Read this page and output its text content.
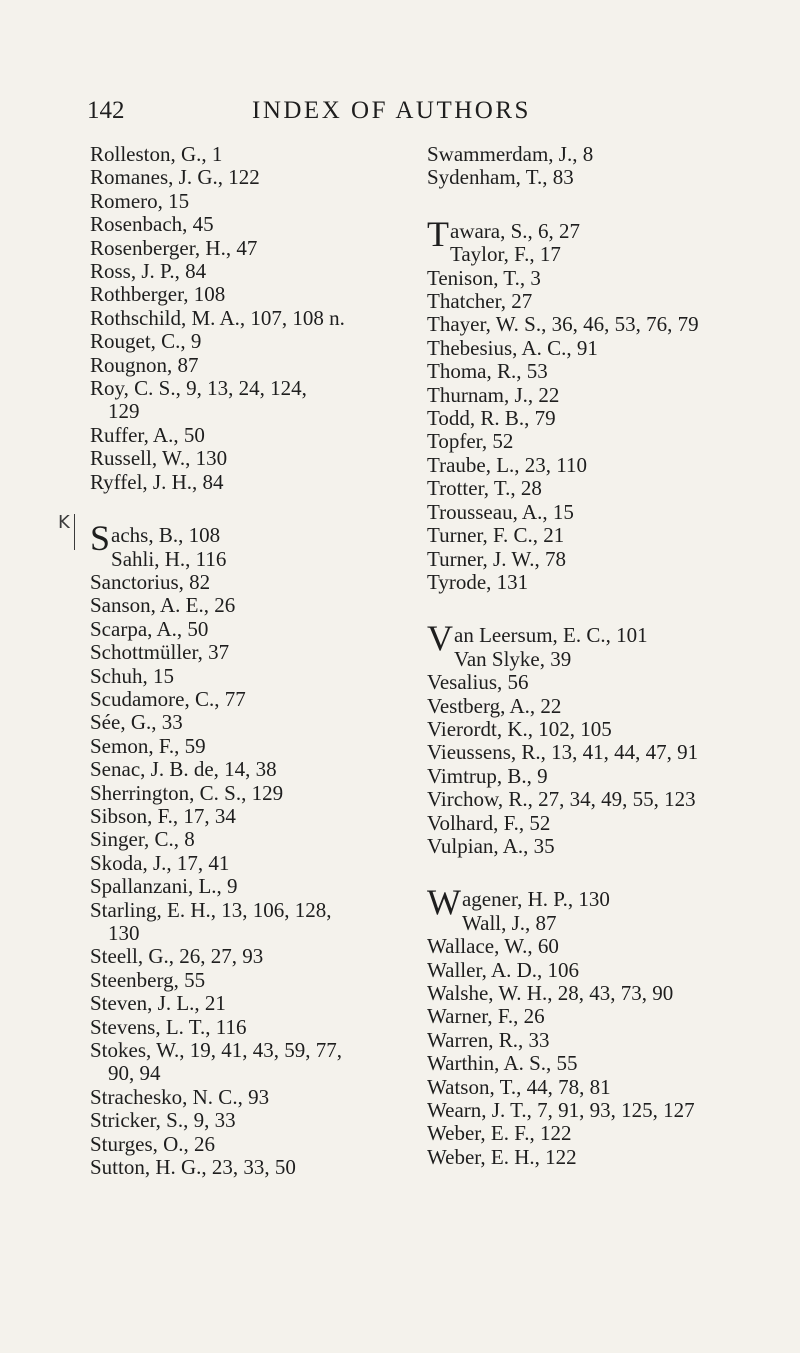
142	INDEX OF AUTHORS
K

Rolleston, G., 1

Romanes, J. G., 122

Romero, 15

Rosenbach, 45

Rosenberger, H., 47

Ross, J. P., 84

Rothberger, 108

Rothschild, M. A., 107, 108 n.

Rouget, C., 9

Rougnon, 87

Roy, C. S., 9, 13, 24, 124,
129

Ruffer, A., 50

Russell, W., 130

Ryffel, J. H., 84

Sachs, B., 108

Sahli, H., 116

Sanctorius, 82

Sanson, A. E., 26

Scarpa, A., 50

Schottmüller, 37

Schuh, 15

Scudamore, C., 77

Sée, G., 33

Semon, F., 59

Senac, J. B. de, 14, 38

Sherrington, C. S., 129

Sibson, F., 17, 34

Singer, C., 8

Skoda, J., 17, 41

Spallanzani, L., 9

Starling, E. H., 13, 106, 128,
130

Steell, G., 26, 27, 93

Steenberg, 55

Steven, J. L., 21

Stevens, L. T., 116

Stokes, W., 19, 41, 43, 59, 77,
90, 94

Strachesko, N. C., 93

Stricker, S., 9, 33

Sturges, O., 26

Sutton, H. G., 23, 33, 50

Swammerdam, J., 8

Sydenham, T., 83

Tawara, S., 6, 27

Taylor, F., 17

Tenison, T., 3

Thatcher, 27

Thayer, W. S., 36, 46, 53, 76, 79

Thebesius, A. C., 91

Thoma, R., 53

Thurnam, J., 22

Todd, R. B., 79

Topfer, 52

Traube, L., 23, 110

Trotter, T., 28

Trousseau, A., 15

Turner, F. C., 21

Turner, J. W., 78

Tyrode, 131

Van Leersum, E. C., 101

Van Slyke, 39

Vesalius, 56

Vestberg, A., 22

Vierordt, K., 102, 105

Vieussens, R., 13, 41, 44, 47, 91

Vimtrup, B., 9

Virchow, R., 27, 34, 49, 55, 123

Volhard, F., 52

Vulpian, A., 35

Wagener, H. P., 130

Wall, J., 87

Wallace, W., 60

Waller, A. D., 106

Walshe, W. H., 28, 43, 73, 90

Warner, F., 26

Warren, R., 33

Warthin, A. S., 55

Watson, T., 44, 78, 81

Wearn, J. T., 7, 91, 93, 125, 127

Weber, E. F., 122

Weber, E. H., 122
